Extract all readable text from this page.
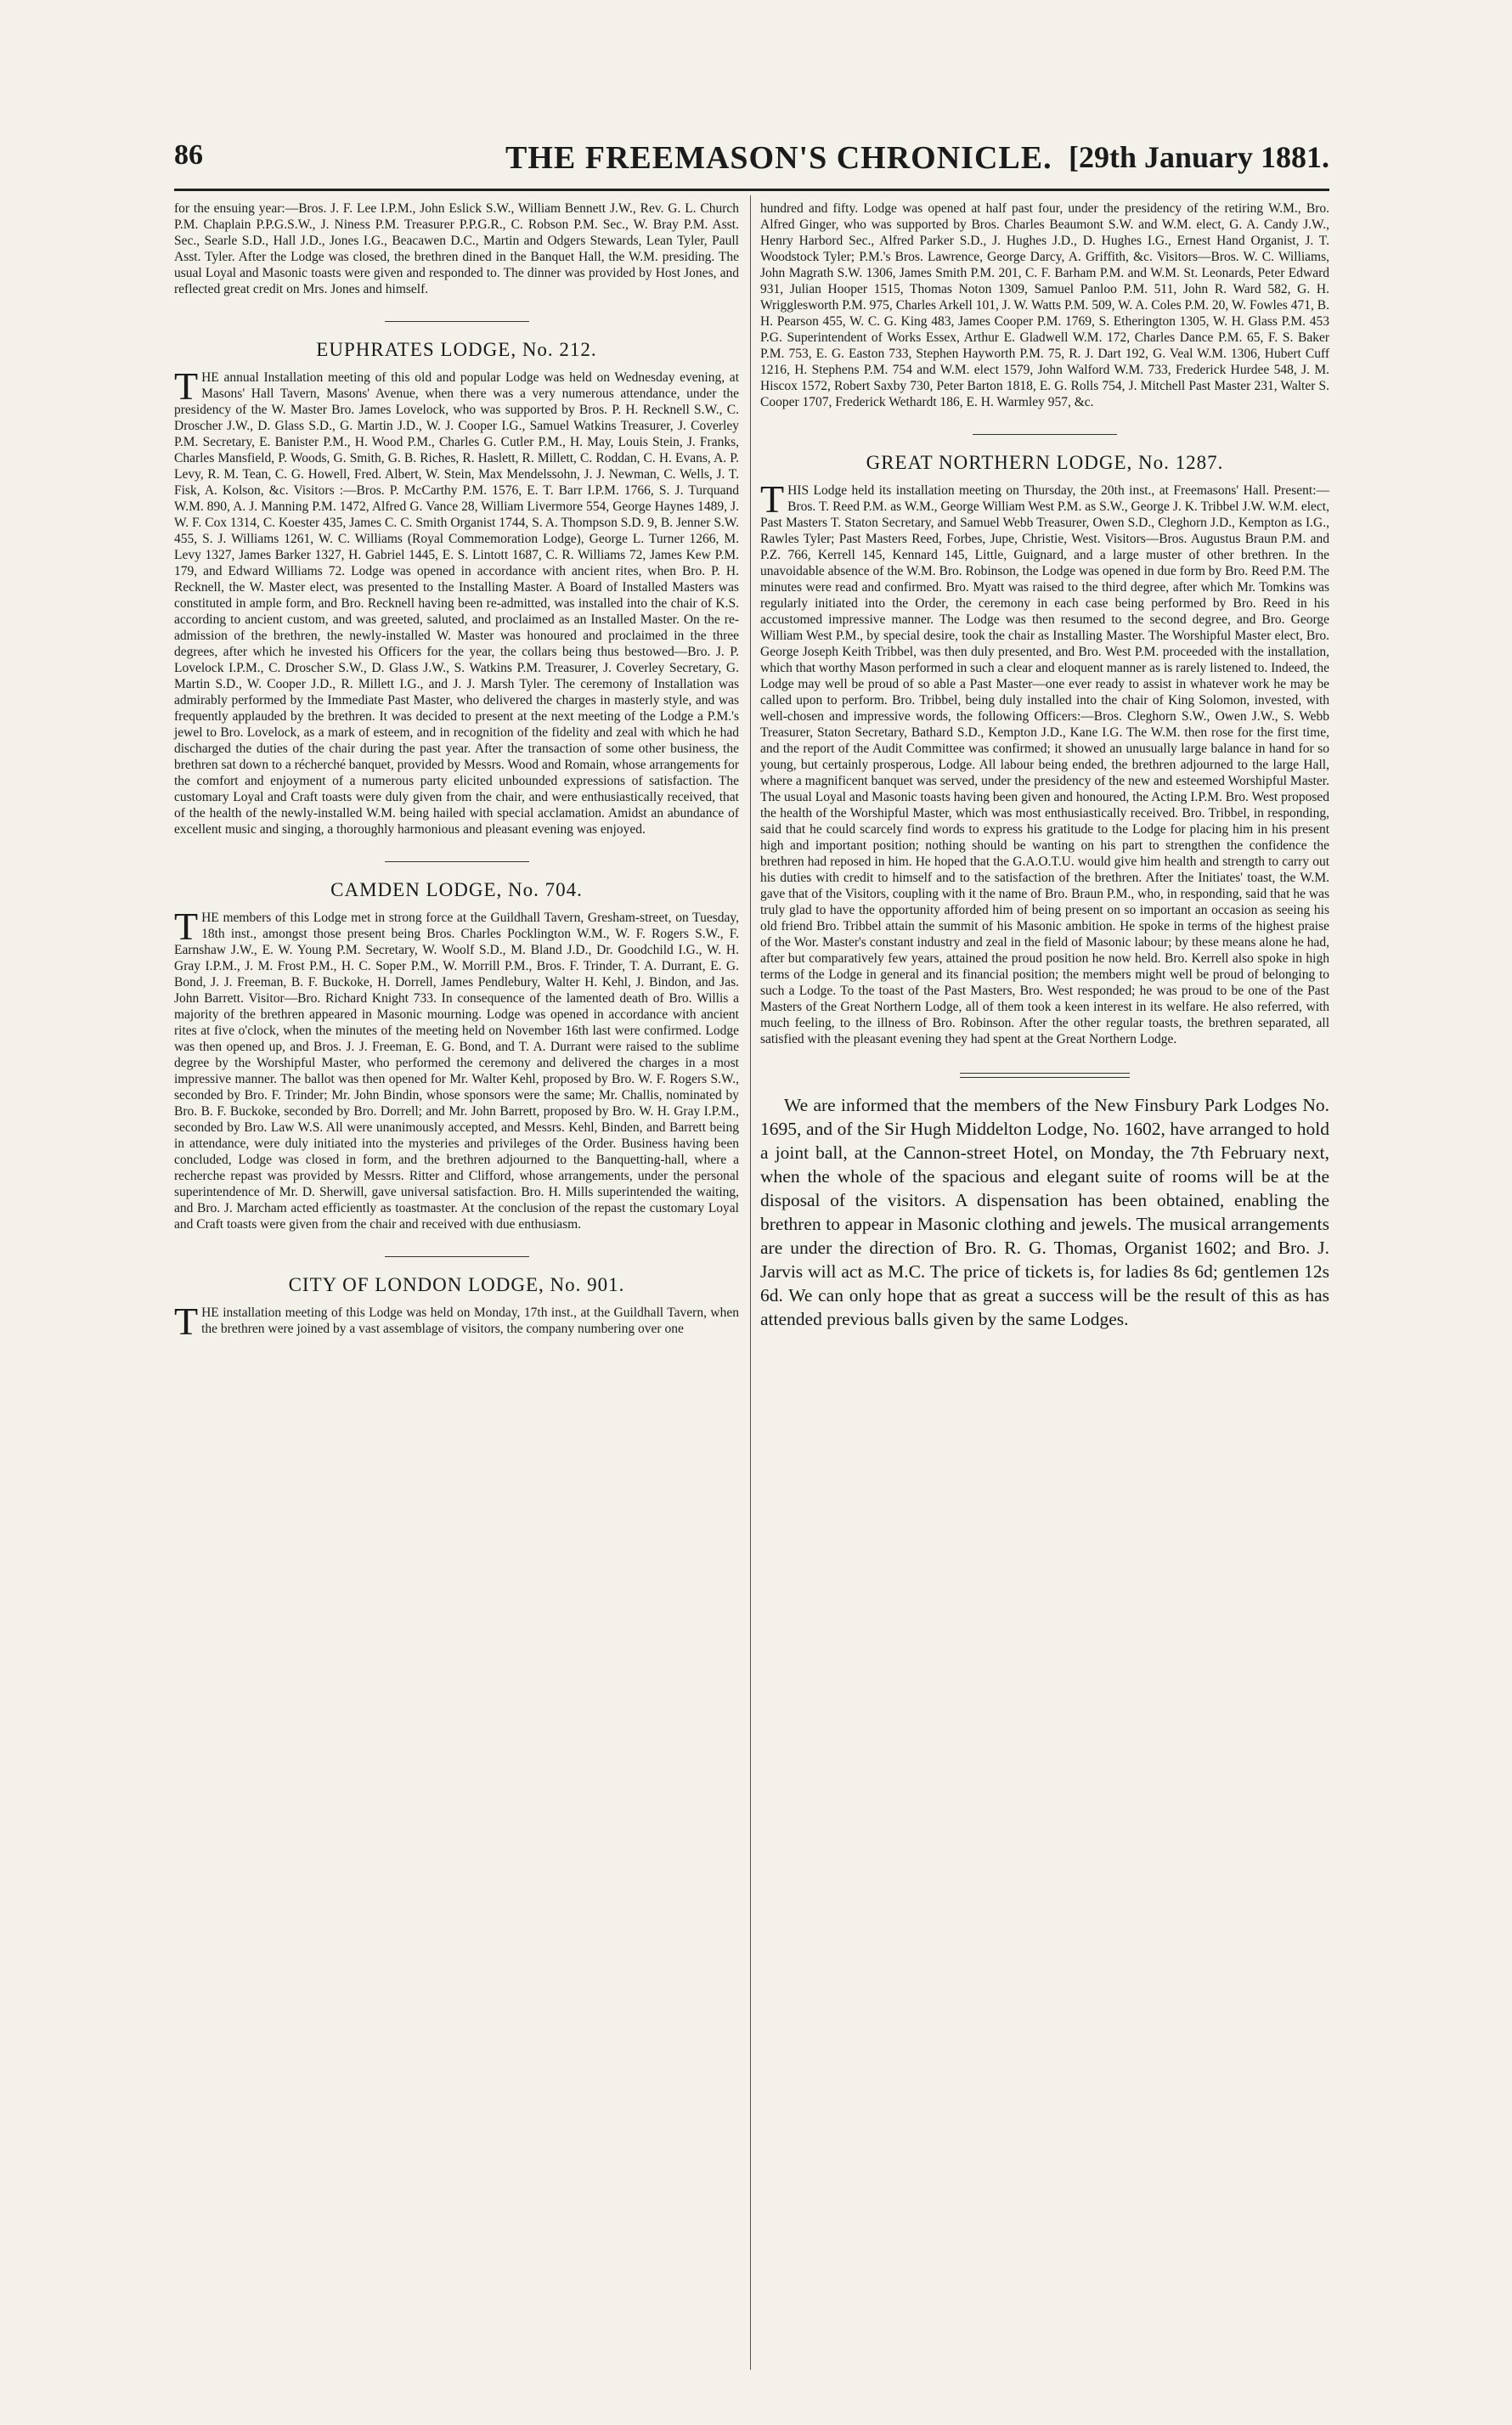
86	THE FREEMASON'S CHRONICLE. [29th January 1881.

for the ensuing year:—Bros. J. F. Lee I.P.M., John Eslick S.W., William Bennett J.W., Rev. G. L. Church P.M. Chaplain P.P.G.S.W., J. Niness P.M. Treasurer P.P.G.R., C. Robson P.M. Sec., W. Bray P.M. Asst. Sec., Searle S.D., Hall J.D., Jones I.G., Beacawen D.C., Martin and Odgers Stewards, Lean Tyler, Paull Asst. Tyler. After the Lodge was closed, the brethren dined in the Banquet Hall, the W.M. presiding. The usual Loyal and Masonic toasts were given and responded to. The dinner was provided by Host Jones, and reflected great credit on Mrs. Jones and himself.

EUPHRATES LODGE, No. 212.

T HE annual Installation meeting of this old and popular Lodge was held on Wednesday evening, at Masons' Hall Tavern, Masons' Avenue, when there was a very numerous attendance, under the presidency of the W. Master Bro. James Lovelock, who was supported by Bros. P. H. Recknell S.W., C. Droscher J.W., D. Glass S.D., G. Martin J.D., W. J. Cooper I.G., Samuel Watkins Treasurer, J. Coverley P.M. Secretary, E. Banister P.M., H. Wood P.M., Charles G. Cutler P.M., H. May, Louis Stein, J. Franks, Charles Mansfield, P. Woods, G. Smith, G. B. Riches, R. Haslett, R. Millett, C. Roddan, C. H. Evans, A. P. Levy, R. M. Tean, C. G. Howell, Fred. Albert, W. Stein, Max Mendelssohn, J. J. Newman, C. Wells, J. T. Fisk, A. Kolson, &c. Visitors :—Bros. P. McCarthy P.M. 1576, E. T. Barr I.P.M. 1766, S. J. Turquand W.M. 890, A. J. Manning P.M. 1472, Alfred G. Vance 28, William Livermore 554, George Haynes 1489, J. W. F. Cox 1314, C. Koester 435, James C. C. Smith Organist 1744, S. A. Thompson S.D. 9, B. Jenner S.W. 455, S. J. Williams 1261, W. C. Williams (Royal Commemoration Lodge), George L. Turner 1266, M. Levy 1327, James Barker 1327, H. Gabriel 1445, E. S. Lintott 1687, C. R. Williams 72, James Kew P.M. 179, and Edward Williams 72. Lodge was opened in accordance with ancient rites, when Bro. P. H. Recknell, the W. Master elect, was presented to the Installing Master. A Board of Installed Masters was constituted in ample form, and Bro. Recknell having been re-admitted, was installed into the chair of K.S. according to ancient custom, and was greeted, saluted, and proclaimed as an Installed Master. On the re-admission of the brethren, the newly-installed W. Master was honoured and proclaimed in the three degrees, after which he invested his Officers for the year, the collars being thus bestowed—Bro. J. P. Lovelock I.P.M., C. Droscher S.W., D. Glass J.W., S. Watkins P.M. Treasurer, J. Coverley Secretary, G. Martin S.D., W. Cooper J.D., R. Millett I.G., and J. J. Marsh Tyler. The ceremony of Installation was admirably performed by the Immediate Past Master, who delivered the charges in masterly style, and was frequently applauded by the brethren. It was decided to present at the next meeting of the Lodge a P.M.'s jewel to Bro. Lovelock, as a mark of esteem, and in recognition of the fidelity and zeal with which he had discharged the duties of the chair during the past year. After the transaction of some other business, the brethren sat down to a récherché banquet, provided by Messrs. Wood and Romain, whose arrangements for the comfort and enjoyment of a numerous party elicited unbounded expressions of satisfaction. The customary Loyal and Craft toasts were duly given from the chair, and were enthusiastically received, that of the health of the newly-installed W.M. being hailed with special acclamation. Amidst an abundance of excellent music and singing, a thoroughly harmonious and pleasant evening was enjoyed.

CAMDEN LODGE, No. 704.

T HE members of this Lodge met in strong force at the Guildhall Tavern, Gresham-street, on Tuesday, 18th inst., amongst those present being Bros. Charles Pocklington W.M., W. F. Rogers S.W., F. Earnshaw J.W., E. W. Young P.M. Secretary, W. Woolf S.D., M. Bland J.D., Dr. Goodchild I.G., W. H. Gray I.P.M., J. M. Frost P.M., H. C. Soper P.M., W. Morrill P.M., Bros. F. Trinder, T. A. Durrant, E. G. Bond, J. J. Freeman, B. F. Buckoke, H. Dorrell, James Pendlebury, Walter H. Kehl, J. Bindon, and Jas. John Barrett. Visitor—Bro. Richard Knight 733. In consequence of the lamented death of Bro. Willis a majority of the brethren appeared in Masonic mourning. Lodge was opened in accordance with ancient rites at five o'clock, when the minutes of the meeting held on November 16th last were confirmed. Lodge was then opened up, and Bros. J. J. Freeman, E. G. Bond, and T. A. Durrant were raised to the sublime degree by the Worshipful Master, who performed the ceremony and delivered the charges in a most impressive manner. The ballot was then opened for Mr. Walter Kehl, proposed by Bro. W. F. Rogers S.W., seconded by Bro. F. Trinder; Mr. John Bindin, whose sponsors were the same; Mr. Challis, nominated by Bro. B. F. Buckoke, seconded by Bro. Dorrell; and Mr. John Barrett, proposed by Bro. W. H. Gray I.P.M., seconded by Bro. Law W.S. All were unanimously accepted, and Messrs. Kehl, Binden, and Barrett being in attendance, were duly initiated into the mysteries and privileges of the Order. Business having been concluded, Lodge was closed in form, and the brethren adjourned to the Banquetting-hall, where a recherche repast was provided by Messrs. Ritter and Clifford, whose arrangements, under the personal superintendence of Mr. D. Sherwill, gave universal satisfaction. Bro. H. Mills superintended the waiting, and Bro. J. Marcham acted efficiently as toastmaster. At the conclusion of the repast the customary Loyal and Craft toasts were given from the chair and received with due enthusiasm.

CITY OF LONDON LODGE, No. 901.

T HE installation meeting of this Lodge was held on Monday, 17th inst., at the Guildhall Tavern, when the brethren were joined by a vast assemblage of visitors, the company numbering over one

hundred and fifty. Lodge was opened at half past four, under the presidency of the retiring W.M., Bro. Alfred Ginger, who was supported by Bros. Charles Beaumont S.W. and W.M. elect, G. A. Candy J.W., Henry Harbord Sec., Alfred Parker S.D., J. Hughes J.D., D. Hughes I.G., Ernest Hand Organist, J. T. Woodstock Tyler; P.M.'s Bros. Lawrence, George Darcy, A. Griffith, &c. Visitors—Bros. W. C. Williams, John Magrath S.W. 1306, James Smith P.M. 201, C. F. Barham P.M. and W.M. St. Leonards, Peter Edward 931, Julian Hooper 1515, Thomas Noton 1309, Samuel Panloo P.M. 511, John R. Ward 582, G. H. Wrigglesworth P.M. 975, Charles Arkell 101, J. W. Watts P.M. 509, W. A. Coles P.M. 20, W. Fowles 471, B. H. Pearson 455, W. C. G. King 483, James Cooper P.M. 1769, S. Etherington 1305, W. H. Glass P.M. 453 P.G. Superintendent of Works Essex, Arthur E. Gladwell W.M. 172, Charles Dance P.M. 65, F. S. Baker P.M. 753, E. G. Easton 733, Stephen Hayworth P.M. 75, R. J. Dart 192, G. Veal W.M. 1306, Hubert Cuff 1216, H. Stephens P.M. 754 and W.M. elect 1579, John Walford W.M. 733, Frederick Hurdee 548, J. M. Hiscox 1572, Robert Saxby 730, Peter Barton 1818, E. G. Rolls 754, J. Mitchell Past Master 231, Walter S. Cooper 1707, Frederick Wethardt 186, E. H. Warmley 957, &c.

GREAT NORTHERN LODGE, No. 1287.

T HIS Lodge held its installation meeting on Thursday, the 20th inst., at Freemasons' Hall. Present:—Bros. T. Reed P.M. as W.M., George William West P.M. as S.W., George J. K. Tribbel J.W. W.M. elect, Past Masters T. Staton Secretary, and Samuel Webb Treasurer, Owen S.D., Cleghorn J.D., Kempton as I.G., Rawles Tyler; Past Masters Reed, Forbes, Jupe, Christie, West. Visitors—Bros. Augustus Braun P.M. and P.Z. 766, Kerrell 145, Kennard 145, Little, Guignard, and a large muster of other brethren. In the unavoidable absence of the W.M. Bro. Robinson, the Lodge was opened in due form by Bro. Reed P.M. The minutes were read and confirmed. Bro. Myatt was raised to the third degree, after which Mr. Tomkins was regularly initiated into the Order, the ceremony in each case being performed by Bro. Reed in his accustomed impressive manner. The Lodge was then resumed to the second degree, and Bro. George William West P.M., by special desire, took the chair as Installing Master. The Worshipful Master elect, Bro. George Joseph Keith Tribbel, was then duly presented, and Bro. West P.M. proceeded with the installation, which that worthy Mason performed in such a clear and eloquent manner as is rarely listened to. Indeed, the Lodge may well be proud of so able a Past Master—one ever ready to assist in whatever work he may be called upon to perform. Bro. Tribbel, being duly installed into the chair of King Solomon, invested, with well-chosen and impressive words, the following Officers:—Bros. Cleghorn S.W., Owen J.W., S. Webb Treasurer, Staton Secretary, Bathard S.D., Kempton J.D., Kane I.G. The W.M. then rose for the first time, and the report of the Audit Committee was confirmed; it showed an unusually large balance in hand for so young, but certainly prosperous, Lodge. All labour being ended, the brethren adjourned to the large Hall, where a magnificent banquet was served, under the presidency of the new and esteemed Worshipful Master. The usual Loyal and Masonic toasts having been given and honoured, the Acting I.P.M. Bro. West proposed the health of the Worshipful Master, which was most enthusiastically received. Bro. Tribbel, in responding, said that he could scarcely find words to express his gratitude to the Lodge for placing him in his present high and important position; nothing should be wanting on his part to strengthen the confidence the brethren had reposed in him. He hoped that the G.A.O.T.U. would give him health and strength to carry out his duties with credit to himself and to the satisfaction of the brethren. After the Initiates' toast, the W.M. gave that of the Visitors, coupling with it the name of Bro. Braun P.M., who, in responding, said that he was truly glad to have the opportunity afforded him of being present on so important an occasion as seeing his old friend Bro. Tribbel attain the summit of his Masonic ambition. He spoke in terms of the highest praise of the Wor. Master's constant industry and zeal in the field of Masonic labour; by these means alone he had, after but comparatively few years, attained the proud position he now held. Bro. Kerrell also spoke in high terms of the Lodge in general and its financial position; the members might well be proud of belonging to such a Lodge. To the toast of the Past Masters, Bro. West responded; he was proud to be one of the Past Masters of the Great Northern Lodge, all of them took a keen interest in its welfare. He also referred, with much feeling, to the illness of Bro. Robinson. After the other regular toasts, the brethren separated, all satisfied with the pleasant evening they had spent at the Great Northern Lodge.

We are informed that the members of the New Finsbury Park Lodges No. 1695, and of the Sir Hugh Middelton Lodge, No. 1602, have arranged to hold a joint ball, at the Cannon-street Hotel, on Monday, the 7th February next, when the whole of the spacious and elegant suite of rooms will be at the disposal of the visitors. A dispensation has been obtained, enabling the brethren to appear in Masonic clothing and jewels. The musical arrangements are under the direction of Bro. R. G. Thomas, Organist 1602; and Bro. J. Jarvis will act as M.C. The price of tickets is, for ladies 8s 6d; gentlemen 12s 6d. We can only hope that as great a success will be the result of this as has attended previous balls given by the same Lodges.
